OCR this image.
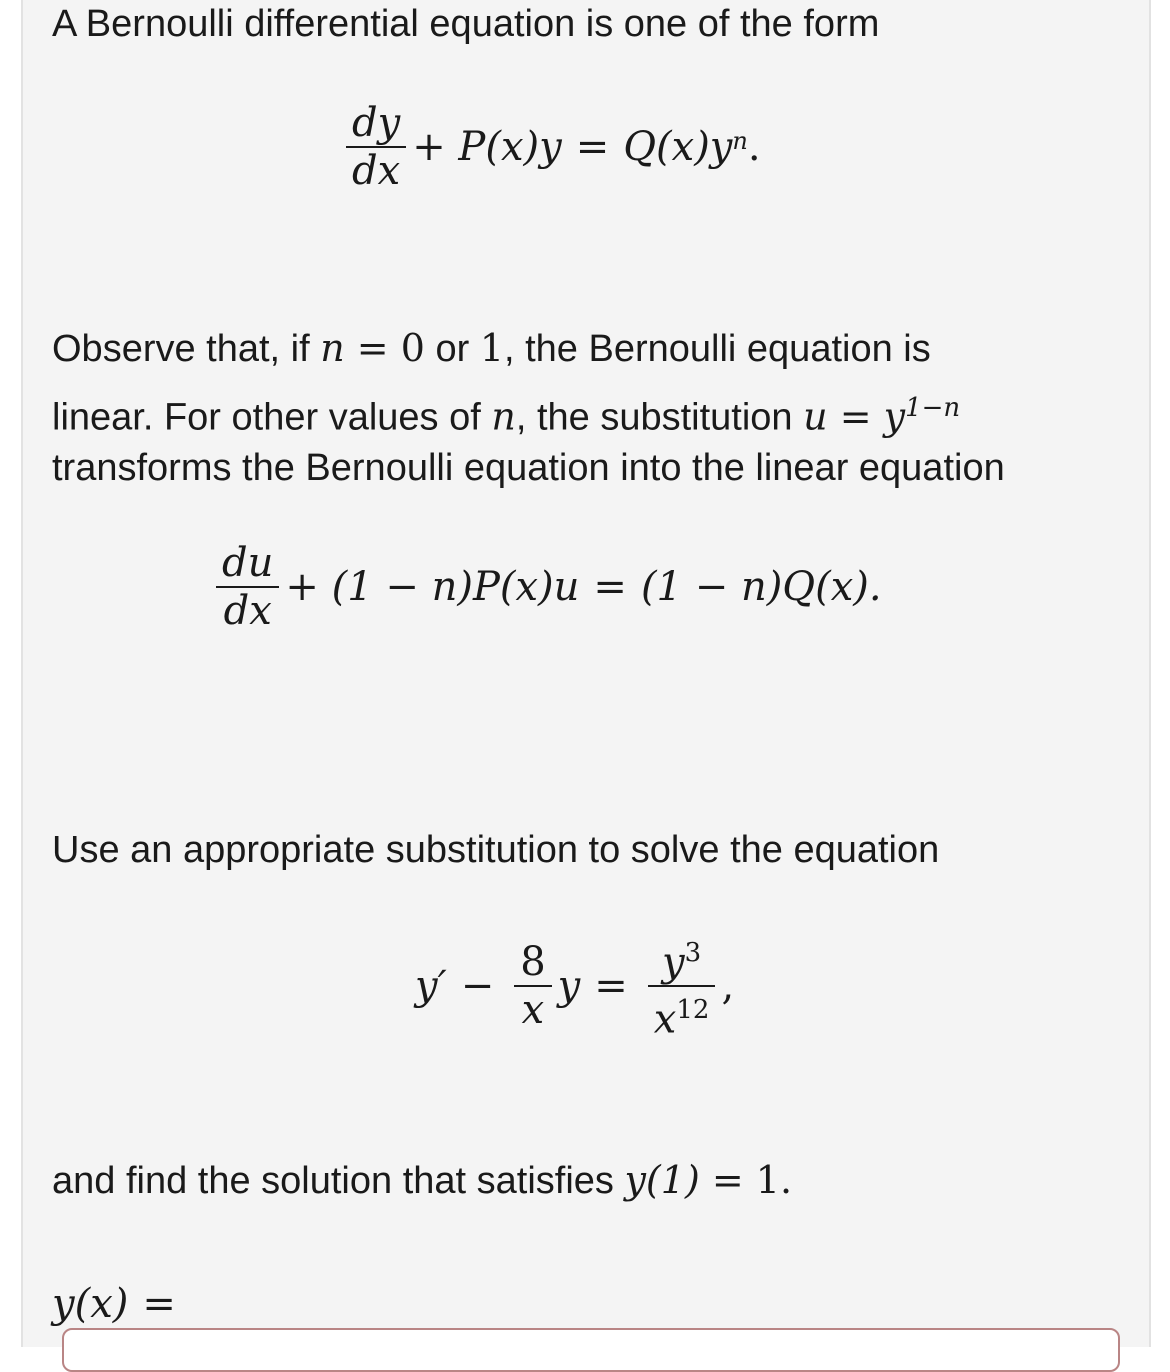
A Bernoulli differential equation is one of the form
$\frac{dy}{dx} + P(x)y = Q(x)y^n$ .
Observe that, if n = 0 or 1, the Bernoulli equation is
linear. For other values of n, the substitution $u = y^{1-n}$
transforms the Bernoulli equation into the linear equation
$\frac{du}{dx} + (1 - n)P(x)u = (1 - n)Q(x)$.
Use an appropriate substitution to solve the equation
$y' - \frac{8}{x}$ $y = \frac{y^3}{x^{12}}$ ,
and find the solution that satisfies y(1) = 1.
y(x) =
